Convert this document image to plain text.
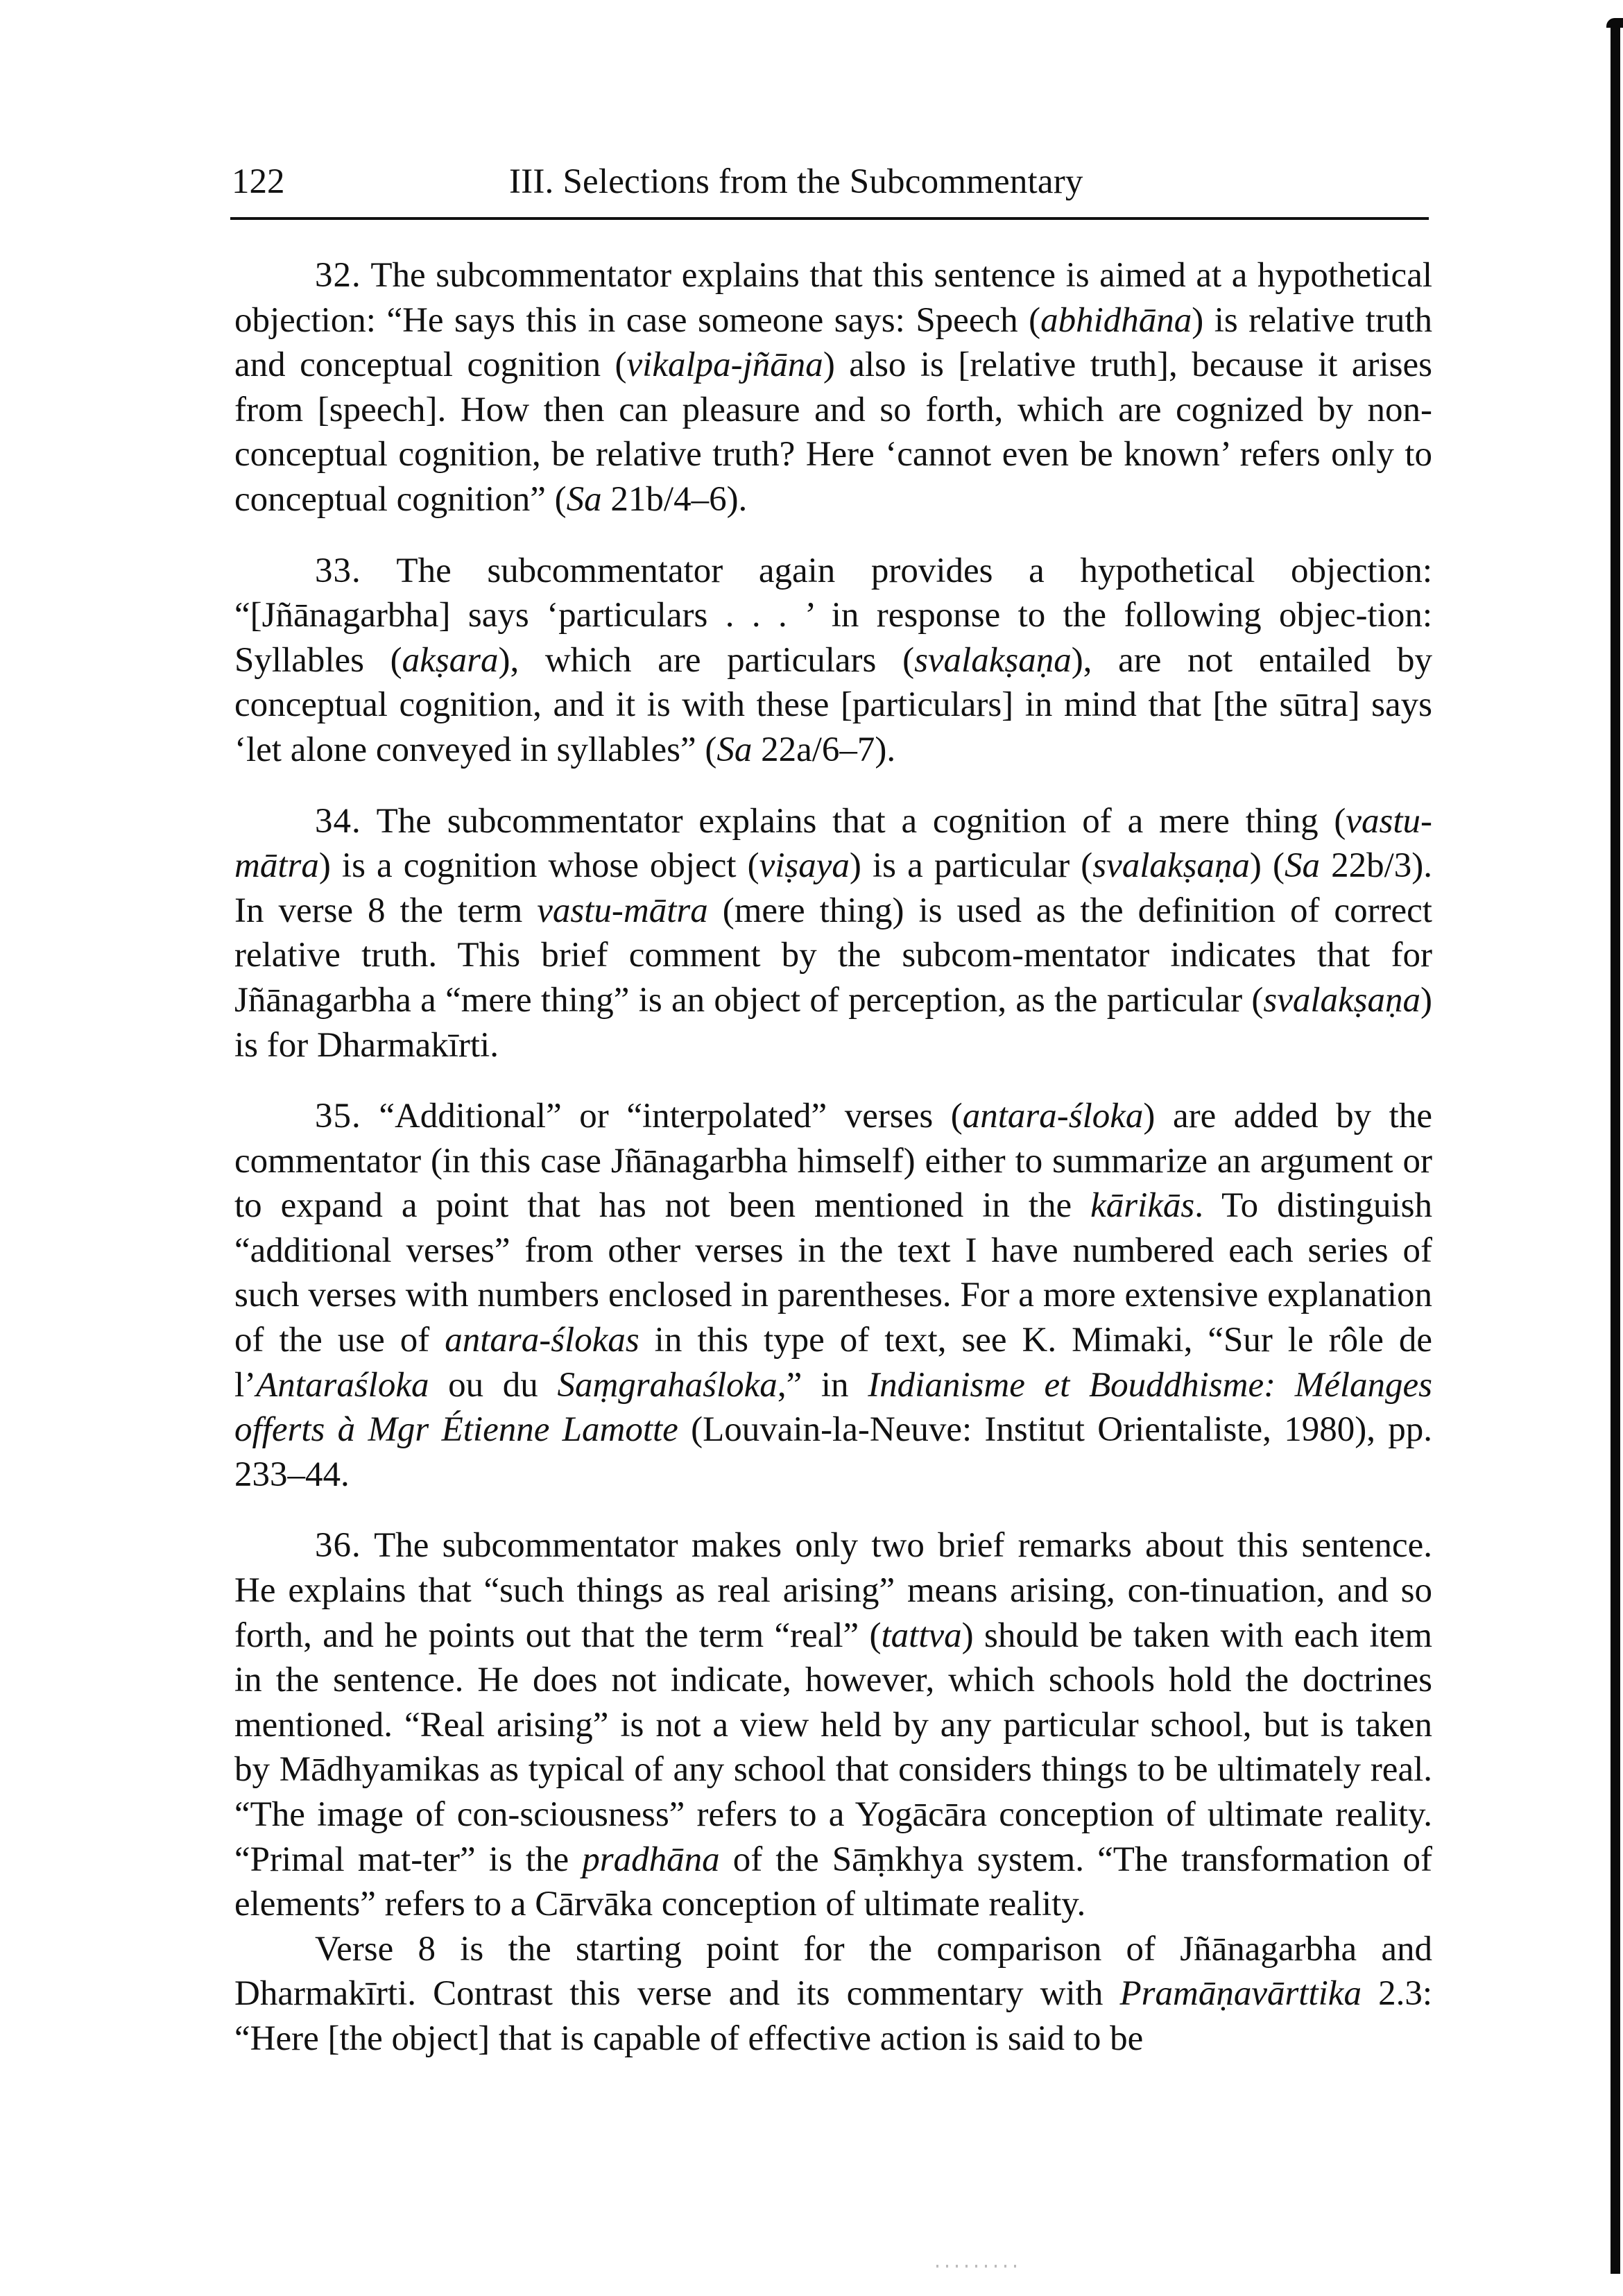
122	III. Selections from the Subcommentary

32. The subcommentator explains that this sentence is aimed at a hypothetical objection: “He says this in case someone says: Speech (abhidhāna) is relative truth and conceptual cognition (vikalpa-jñāna) also is [relative truth], because it arises from [speech]. How then can pleasure and so forth, which are cognized by non-conceptual cognition, be relative truth? Here ‘cannot even be known’ refers only to conceptual cognition” (Sa 21b/4–6).

33. The subcommentator again provides a hypothetical objection: “[Jñānagarbha] says ‘particulars . . . ’ in response to the following objec-tion: Syllables (akṣara), which are particulars (svalakṣaṇa), are not entailed by conceptual cognition, and it is with these [particulars] in mind that [the sūtra] says ‘let alone conveyed in syllables” (Sa 22a/6–7).

34. The subcommentator explains that a cognition of a mere thing (vastu-mātra) is a cognition whose object (viṣaya) is a particular (svalakṣaṇa) (Sa 22b/3). In verse 8 the term vastu-mātra (mere thing) is used as the definition of correct relative truth. This brief comment by the subcom-mentator indicates that for Jñānagarbha a “mere thing” is an object of perception, as the particular (svalakṣaṇa) is for Dharmakīrti.

35. “Additional” or “interpolated” verses (antara-śloka) are added by the commentator (in this case Jñānagarbha himself) either to summarize an argument or to expand a point that has not been mentioned in the kārikās. To distinguish “additional verses” from other verses in the text I have numbered each series of such verses with numbers enclosed in parentheses. For a more extensive explanation of the use of antara-ślokas in this type of text, see K. Mimaki, “Sur le rôle de l’Antaraśloka ou du Saṃgrahaśloka,” in Indianisme et Bouddhisme: Mélanges offerts à Mgr Étienne Lamotte (Louvain-la-Neuve: Institut Orientaliste, 1980), pp. 233–44.

36. The subcommentator makes only two brief remarks about this sentence. He explains that “such things as real arising” means arising, con-tinuation, and so forth, and he points out that the term “real” (tattva) should be taken with each item in the sentence. He does not indicate, however, which schools hold the doctrines mentioned. “Real arising” is not a view held by any particular school, but is taken by Mādhyamikas as typical of any school that considers things to be ultimately real. “The image of con-sciousness” refers to a Yogācāra conception of ultimate reality. “Primal mat-ter” is the pradhāna of the Sāṃkhya system. “The transformation of elements” refers to a Cārvāka conception of ultimate reality.

Verse 8 is the starting point for the comparison of Jñānagarbha and Dharmakīrti. Contrast this verse and its commentary with Pramāṇavārttika 2.3: “Here [the object] that is capable of effective action is said to be
